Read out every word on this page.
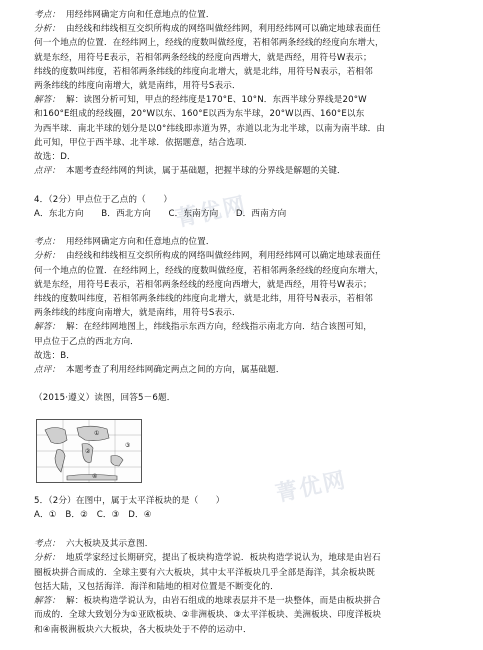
菁优网
菁优网
考点： 用经纬网确定方向和任意地点的位置．
分析： 由经线和纬线相互交织所构成的网络叫做经纬网，利用经纬网可以确定地球表面任
何一个地点的位置．在经纬网上，经线的度数叫做经度，若相邻两条经线的经度向东增大，
就是东经，用符号E表示，若相邻两条经线的经度向西增大，就是西经，用符号W表示；
纬线的度数叫纬度，若相邻两条纬线的纬度向北增大，就是北纬，用符号N表示，若相邻
两条纬线的纬度向南增大，就是南纬，用符号S表示．
解答： 解：读图分析可知，甲点的经纬度是170°E、10°N．东西半球分界线是20°W
和160°E组成的经线圈，20°W以东、160°E以西为东半球，20°W以西、160°E以东
为西半球．南北半球的划分是以0°纬线即赤道为界，赤道以北为北半球，以南为南半球．由
此可知，甲位于西半球、北半球．依据题意，结合选项．
故选：D．
点评： 本题考查经纬网的判读，属于基础题，把握半球的分界线是解题的关键．
4．（2分）甲点位于乙点的（　　）
A．东北方向　　B．西北方向　　C．东南方向　　D．西南方向
考点： 用经纬网确定方向和任意地点的位置．
分析： 由经线和纬线相互交织所构成的网络叫做经纬网，利用经纬网可以确定地球表面任
何一个地点的位置．在经纬网上，经线的度数叫做经度，若相邻两条经线的经度向东增大，
就是东经，用符号E表示，若相邻两条经线的经度向西增大，就是西经，用符号W表示；
纬线的度数叫纬度，若相邻两条纬线的纬度向北增大，就是北纬，用符号N表示，若相邻
两条纬线的纬度向南增大，就是南纬，用符号S表示．
解答： 解：在经纬网地图上，纬线指示东西方向，经线指示南北方向．结合该图可知，
甲点位于乙点的西北方向．
故选：B．
点评： 本题考查了利用经纬网确定两点之间的方向，属基础题．
（2015·遵义）读图，回答5－6题．
①
②
③
④
5．（2分）在图中，属于太平洋板块的是（　　）
A．①　B．②　C．③　D．④
考点： 六大板块及其示意图．
分析： 地质学家经过长期研究，提出了板块构造学说．板块构造学说认为，地球是由岩石
圈板块拼合而成的．全球主要有六大板块，其中太平洋板块几乎全部是海洋，其余板块既
包括大陆，又包括海洋．海洋和陆地的相对位置是不断变化的．
解答： 解：板块构造学说认为，由岩石组成的地球表层并不是一块整体，而是由板块拼合
而成的．全球大致划分为①亚欧板块、②非洲板块、③太平洋板块、美洲板块、印度洋板块
和④南极洲板块六大板块，各大板块处于不停的运动中．
